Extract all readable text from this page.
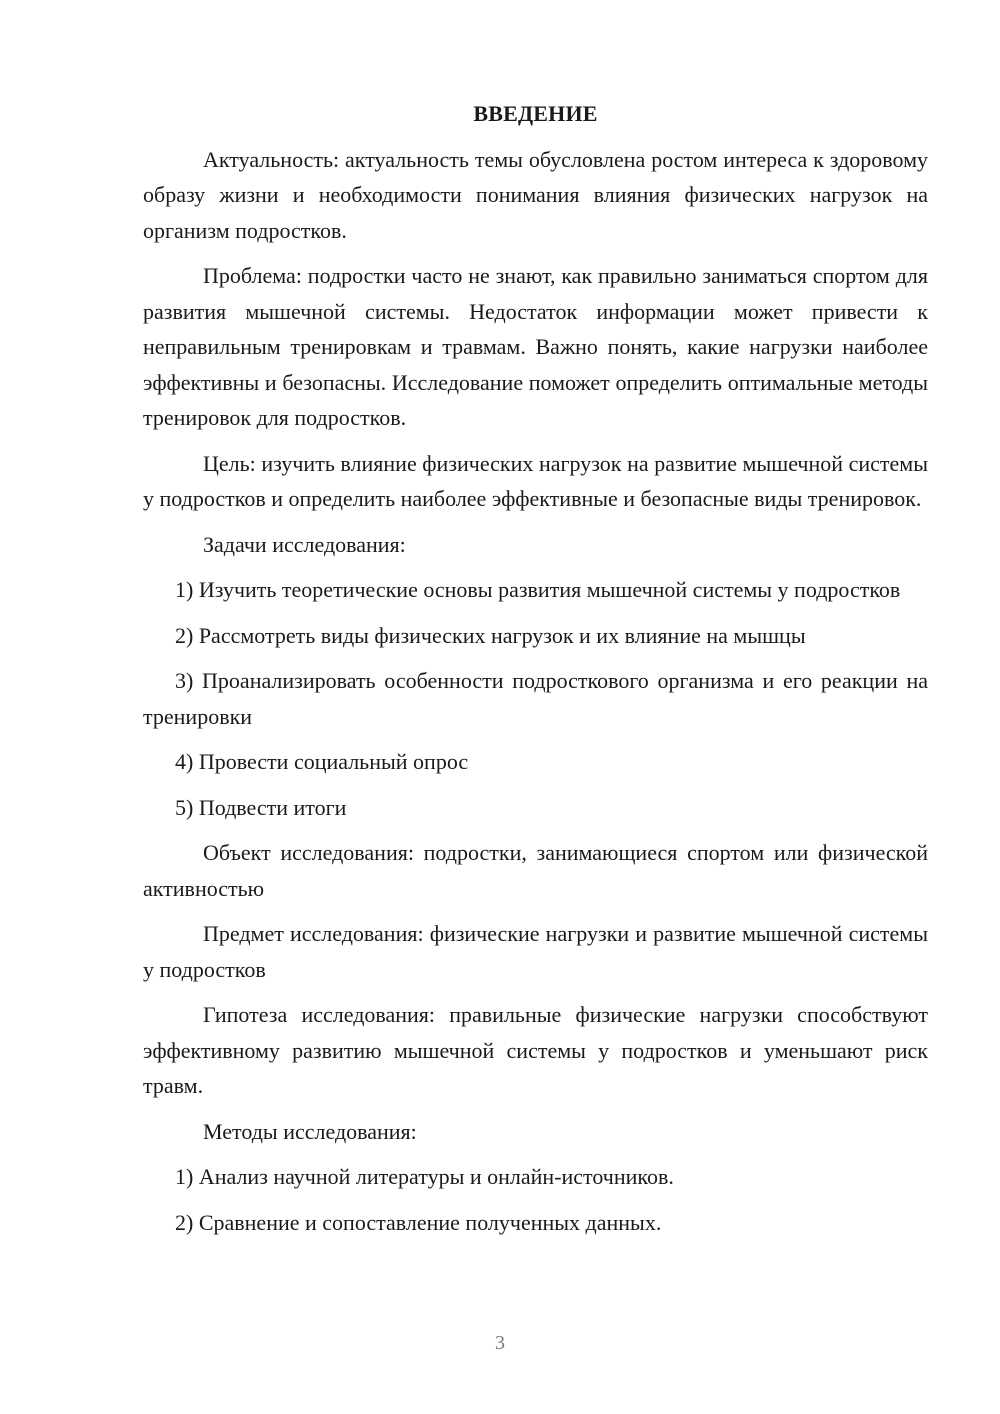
ВВЕДЕНИЕ

Актуальность: актуальность темы обусловлена ростом интереса к здоровому образу жизни и необходимости понимания влияния физических нагрузок на организм подростков.

Проблема: подростки часто не знают, как правильно заниматься спортом для развития мышечной системы. Недостаток информации может привести к неправильным тренировкам и травмам. Важно понять, какие нагрузки наиболее эффективны и безопасны. Исследование поможет определить оптимальные методы тренировок для подростков.

Цель: изучить влияние физических нагрузок на развитие мышечной системы у подростков и определить наиболее эффективные и безопасные виды тренировок.

Задачи исследования:

1) Изучить теоретические основы развития мышечной системы у подростков

2) Рассмотреть виды физических нагрузок и их влияние на мышцы

3) Проанализировать особенности подросткового организма и его реакции на тренировки

4) Провести социальный опрос

5) Подвести итоги

Объект исследования: подростки, занимающиеся спортом или физической активностью

Предмет исследования: физические нагрузки и развитие мышечной системы у подростков

Гипотеза исследования: правильные физические нагрузки способствуют эффективному развитию мышечной системы у подростков и уменьшают риск травм.

Методы исследования:

1) Анализ научной литературы и онлайн-источников.

2) Сравнение и сопоставление полученных данных.

3
